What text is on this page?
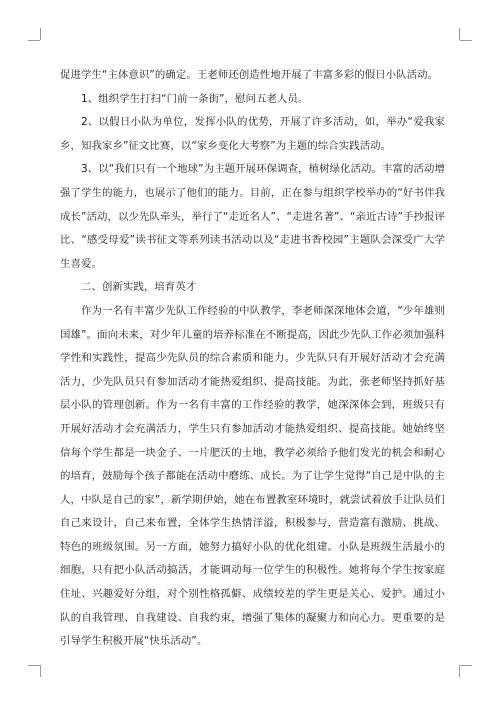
促进学生“主体意识”的确定。王老师还创造性地开展了丰富多彩的假日小队活动。

1、组织学生打扫“门前一条街”，慰问五老人员。

2、以假日小队为单位，发挥小队的优势，开展了许多活动，如，举办“爱我家乡，知我家乡”征文比赛，以“家乡变化大考察”为主题的综合实践活动。

3、以“我们只有一个地球”为主题开展环保调查，植树绿化活动。丰富的活动增强了学生的能力，也展示了他们的能力。目前，正在参与组织学校举办的“好书伴我成长”活动，以少先队牵头，举行了“走近名人”、“走进名著”、“亲近古诗”手抄报评比、“感受母爱”读书征文等系列读书活动以及“走进书香校园”主题队会深受广大学生喜爱。

二、创新实践，培育英才

作为一名有丰富少先队工作经验的中队教学，李老师深深地体会道，“少年雄则国雄”。面向未来，对少年儿童的培养标准在不断提高，因此少先队工作必须加强科学性和实践性，提高少先队员的综合素质和能力。少先队只有开展好活动才会充满活力，少先队员只有参加活动才能热爱组织、提高技能。为此，张老师坚持抓好基层小队的管理创新。作为一名有丰富的工作经验的教学，她深深体会到，班级只有开展好活动才会充满活力，学生只有参加活动才能热爱组织、提高技能。她始终坚信每个学生都是一块金子、一片肥沃的土地，教学必须给予他们发光的机会和耐心的培育，鼓励每个孩子都能在活动中磨练、成长。为了让学生觉得“自己是中队的主人，中队是自己的家”，新学期伊始，她在布置教室环境时，就尝试着放手让队员们自己来设计，自己来布置，全体学生热情洋溢，积极参与，营造富有激励、挑战、特色的班级氛围。另一方面，她努力搞好小队的优化组建。小队是班级生活最小的细胞，只有把小队活动搞活，才能调动每一位学生的积极性。她将每个学生按家庭住址、兴趣爱好分组，对个别性格孤僻、成绩较差的学生更是关心、爱护。通过小队的自我管理、自我建设、自我约束，增强了集体的凝聚力和向心力。更重要的是引导学生积极开展“快乐活动”。
